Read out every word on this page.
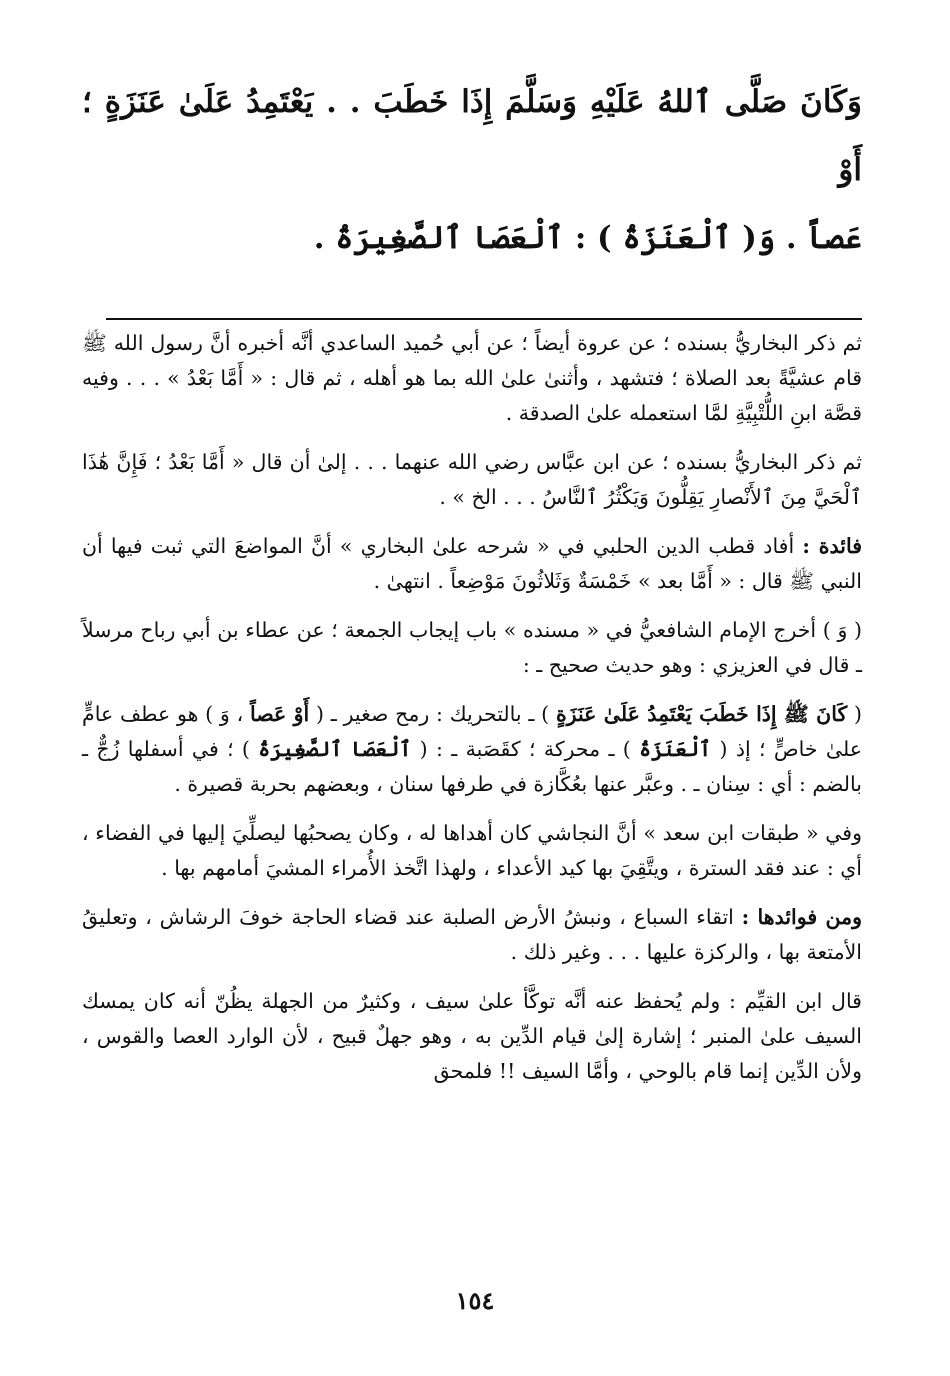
وَكَانَ صَلَّى ٱللهُ عَلَيْهِ وَسَلَّمَ إِذَا خَطَبَ . . يَعْتَمِدُ عَلَىٰ عَنَزَةٍ ؛ أَوْ
عَصاً . وَ( ٱلْعَنَزَةُ ) : ٱلْعَصَا ٱلصَّغِيرَةُ .

ثم ذكر البخاريُّ بسنده ؛ عن عروة أيضاً ؛ عن أبي حُميد الساعدي أنَّه أخبره أنَّ رسول الله ﷺ قام عشيَّةً بعد الصلاة ؛ فتشهد ، وأثنىٰ علىٰ الله بما هو أهله ، ثم قال : « أَمَّا بَعْدُ » . . . وفيه قصَّة ابنِ اللُّتْبِيَّةِ لمَّا استعمله علىٰ الصدقة .

ثم ذكر البخاريُّ بسنده ؛ عن ابن عبَّاس رضي الله عنهما . . . إلىٰ أن قال « أَمَّا بَعْدُ ؛ فَإِنَّ هَٰذَا ٱلْحَيَّ مِنَ ٱلأَنْصارِ يَقِلُّونَ وَيَكْثُرُ ٱلنَّاسُ . . . الخ » .

فائدة : أفاد قطب الدين الحلبي في « شرحه علىٰ البخاري » أنَّ المواضعَ التي ثبت فيها أن النبي ﷺ قال : « أَمَّا بعد » خَمْسَةٌ وَثَلاثُونَ مَوْضِعاً . انتهىٰ .

( وَ ) أخرج الإمام الشافعيُّ في « مسنده » باب إيجاب الجمعة ؛ عن عطاء بن أبي رباح مرسلاً ـ قال في العزيزي : وهو حديث صحيح ـ :

( كَانَ ﷺ إِذَا خَطَبَ يَعْتَمِدُ عَلَىٰ عَنَزَةٍ ) ـ بالتحريك : رمح صغير ـ ( أَوْ عَصاً ، وَ ) هو عطف عامٍّ علىٰ خاصٍّ ؛ إذ ( ٱلْعَنَزَةُ ) ـ محركة ؛ كقَصَبة ـ : ( ٱلْعَصَا ٱلصَّغِيرَةُ ) ؛ في أسفلها زُجٌّ ـ بالضم : أي : سِنان ـ . وعبَّر عنها بعُكَّازة في طرفها سنان ، وبعضهم بحربة قصيرة .

وفي « طبقات ابن سعد » أنَّ النجاشي كان أهداها له ، وكان يصحبُها ليصلِّيَ إليها في الفضاء ، أي : عند فقد السترة ، ويتَّقِيَ بها كيد الأعداء ، ولهذا اتَّخذ الأُمراء المشيَ أمامهم بها .

ومن فوائدها : اتقاء السباع ، ونبشُ الأرض الصلبة عند قضاء الحاجة خوفَ الرشاش ، وتعليقُ الأمتعة بها ، والركزة عليها . . . وغير ذلك .

قال ابن القيِّم : ولم يُحفظ عنه أنَّه توكَّأ علىٰ سيف ، وكثيرٌ من الجهلة يظُنّ أنه كان يمسك السيف علىٰ المنبر ؛ إشارة إلىٰ قيام الدِّين به ، وهو جهلٌ قبيح ، لأن الوارد العصا والقوس ، ولأن الدِّين إنما قام بالوحي ، وأمَّا السيف !! فلمحق

١٥٤
